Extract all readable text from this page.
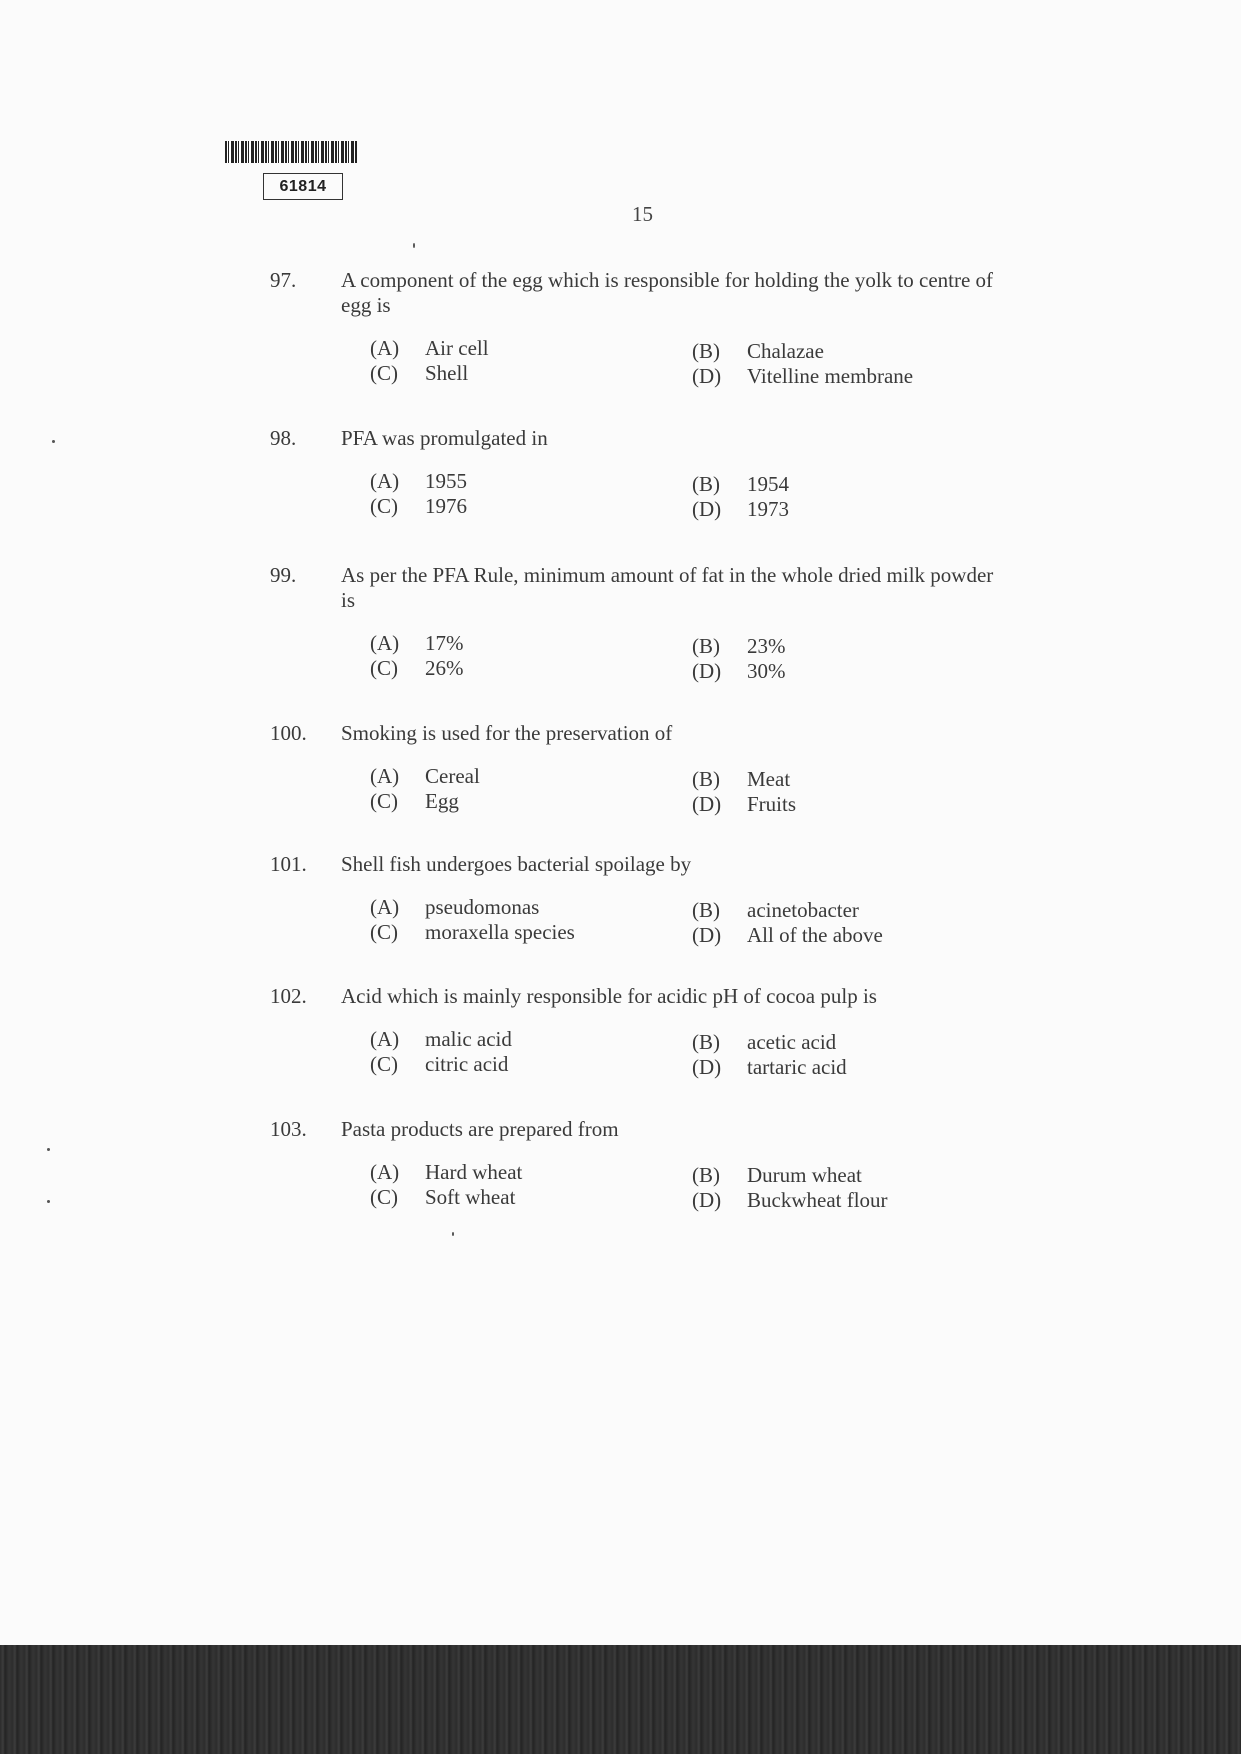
61814
15
97.	A component of the egg which is responsible for holding the yolk to centre of egg is
(A) Air cell	(B) Chalazae
(C) Shell	(D) Vitelline membrane
98.	PFA was promulgated in
(A) 1955	(B) 1954
(C) 1976	(D) 1973
99.	As per the PFA Rule, minimum amount of fat in the whole dried milk powder is
(A) 17%	(B) 23%
(C) 26%	(D) 30%
100.	Smoking is used for the preservation of
(A) Cereal	(B) Meat
(C) Egg	(D) Fruits
101.	Shell fish undergoes bacterial spoilage by
(A) pseudomonas	(B) acinetobacter
(C) moraxella species	(D) All of the above
102.	Acid which is mainly responsible for acidic pH of cocoa pulp is
(A) malic acid	(B) acetic acid
(C) citric acid	(D) tartaric acid
103.	Pasta products are prepared from
(A) Hard wheat	(B) Durum wheat
(C) Soft wheat	(D) Buckwheat flour
